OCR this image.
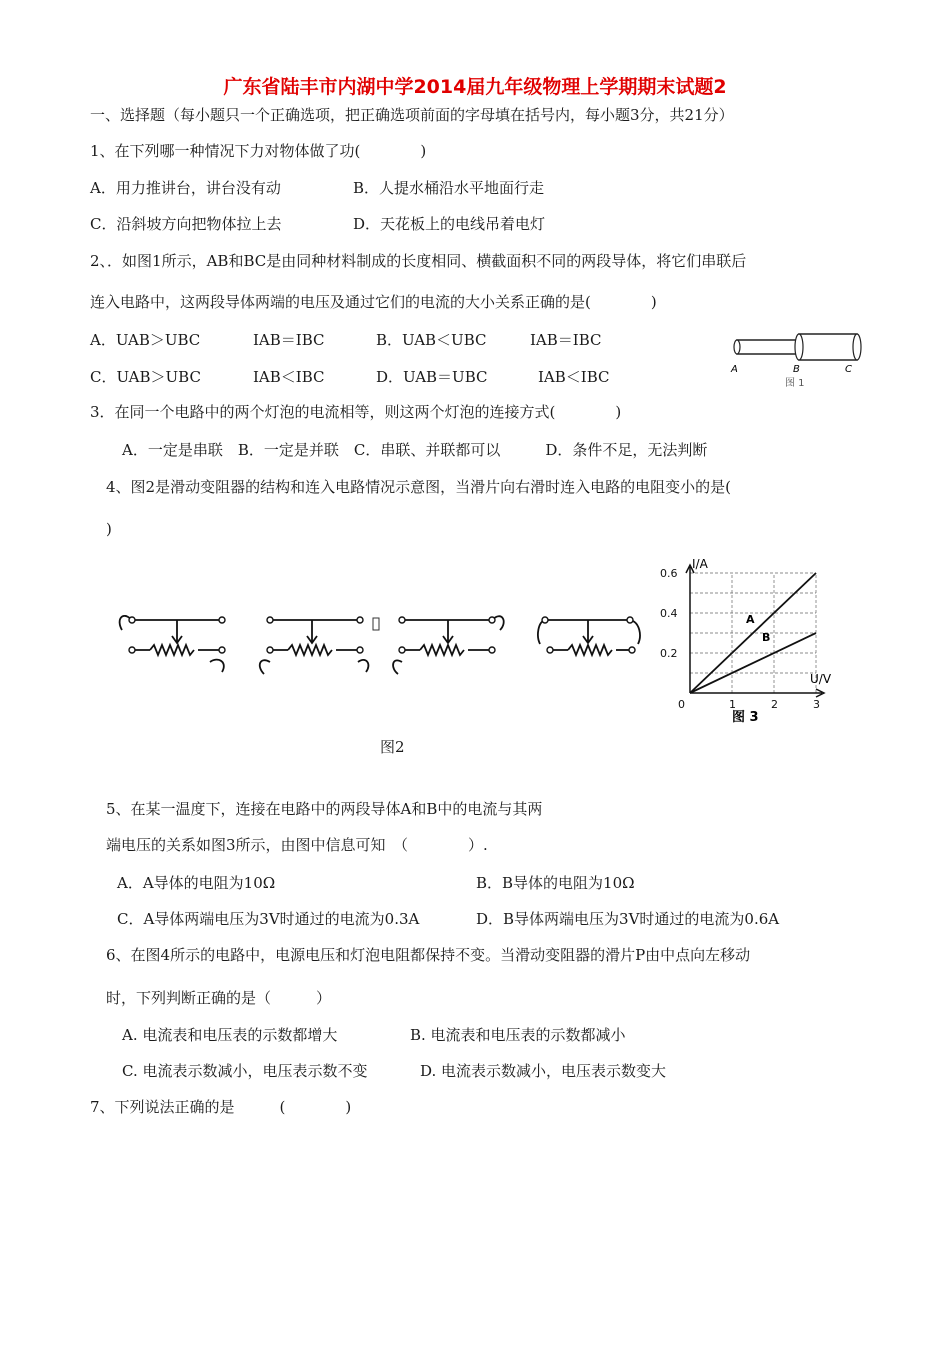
广东省陆丰市内湖中学2014届九年级物理上学期期末试题2
一、选择题（每小题只一个正确选项，把正确选项前面的字母填在括号内，每小题3分，共21分）
1、在下列哪一种情况下力对物体做了功(　　　　)
A．用力推讲台，讲台没有动	B．人提水桶沿水平地面行走
C．沿斜坡方向把物体拉上去	D．天花板上的电线吊着电灯
2、．如图1所示，AB和BC是由同种材料制成的长度相同、横截面积不同的两段导体，将它们串联后
连入电路中，这两段导体两端的电压及通过它们的电流的大小关系正确的是(　　　　)
A．UAB＞UBC	IAB＝IBC	B．UAB＜UBC	IAB＝IBC
C．UAB＞UBC	IAB＜IBC	D．UAB＝UBC	IAB＜IBC	A	B	C
图 1
3．在同一个电路中的两个灯泡的电流相等，则这两个灯泡的连接方式(　　　　)
A．一定是串联　B．一定是并联　C．串联、并联都可以　　　D．条件不足，无法判断
4、图2是滑动变阻器的结构和连入电路情况示意图，当滑片向右滑时连入电路的电阻变小的是(
)
图2
0.6
0.4
0.2
0	1	2	3
I/A
U/V
A
B
图 3
5、在某一温度下，连接在电路中的两段导体A和B中的电流与其两
端电压的关系如图3所示，由图中信息可知　（　　　　）.
A．A导体的电阻为10Ω	B．B导体的电阻为10Ω
C．A导体两端电压为3V时通过的电流为0.3A	D．B导体两端电压为3V时通过的电流为0.6A
6、在图4所示的电路中，电源电压和灯泡电阻都保持不变。当滑动变阻器的滑片P由中点向左移动
时，下列判断正确的是（　　　）
A. 电流表和电压表的示数都增大	B. 电流表和电压表的示数都减小
C. 电流表示数减小，电压表示数不变	D. 电流表示数减小，电压表示数变大
7、下列说法正确的是　　　(　　　　)
